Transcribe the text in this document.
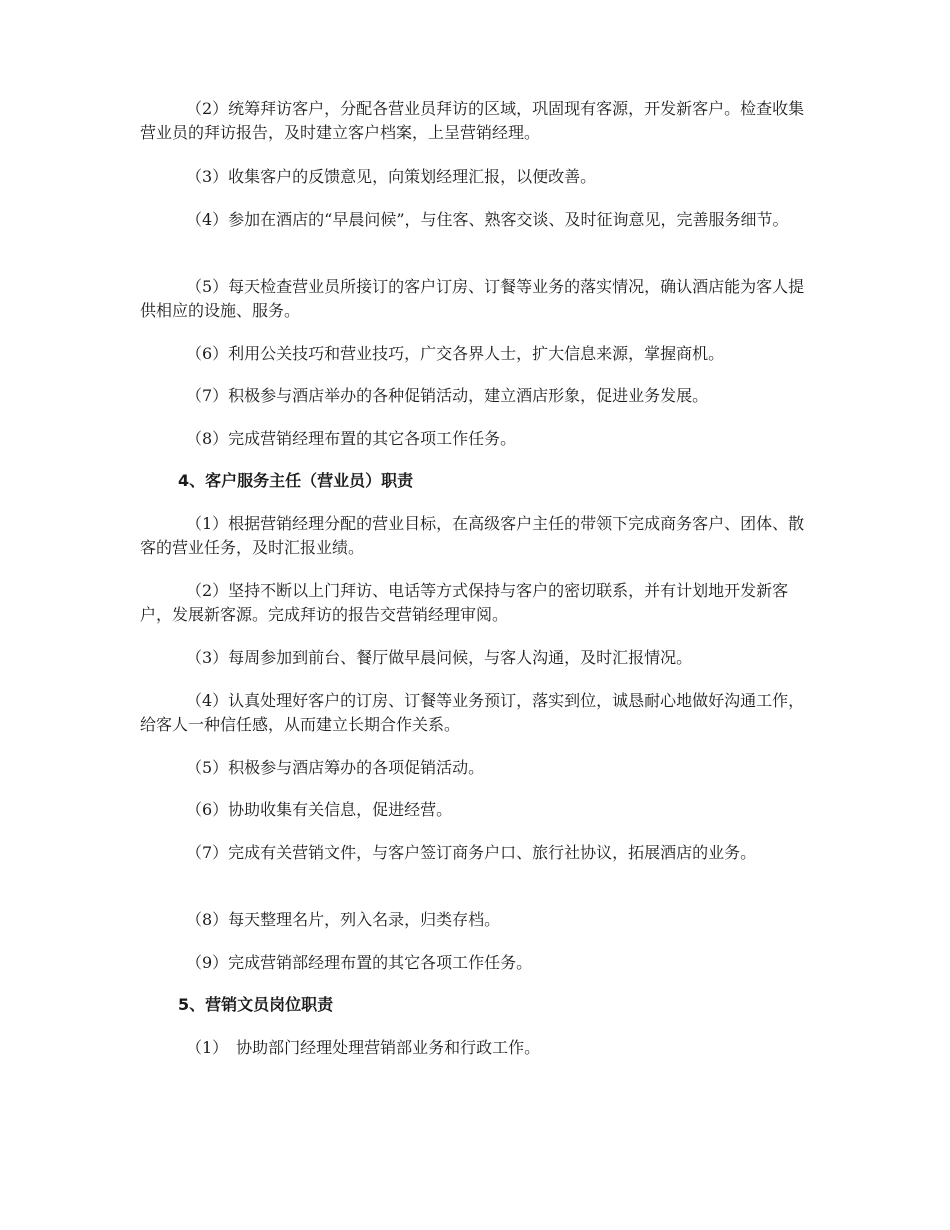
（2）统筹拜访客户，分配各营业员拜访的区域，巩固现有客源，开发新客户。检查收集营业员的拜访报告，及时建立客户档案，上呈营销经理。

（3）收集客户的反馈意见，向策划经理汇报，以便改善。

（4）参加在酒店的“早晨问候”，与住客、熟客交谈、及时征询意见，完善服务细节。

（5）每天检查营业员所接订的客户订房、订餐等业务的落实情况，确认酒店能为客人提供相应的设施、服务。

（6）利用公关技巧和营业技巧，广交各界人士，扩大信息来源，掌握商机。

（7）积极参与酒店举办的各种促销活动，建立酒店形象，促进业务发展。

（8）完成营销经理布置的其它各项工作任务。

4、客户服务主任（营业员）职责

（1）根据营销经理分配的营业目标，在高级客户主任的带领下完成商务客户、团体、散客的营业任务，及时汇报业绩。

（2）坚持不断以上门拜访、电话等方式保持与客户的密切联系，并有计划地开发新客户，发展新客源。完成拜访的报告交营销经理审阅。

（3）每周参加到前台、餐厅做早晨问候，与客人沟通，及时汇报情况。

（4）认真处理好客户的订房、订餐等业务预订，落实到位，诚恳耐心地做好沟通工作，给客人一种信任感，从而建立长期合作关系。

（5）积极参与酒店筹办的各项促销活动。

（6）协助收集有关信息，促进经营。

（7）完成有关营销文件，与客户签订商务户口、旅行社协议，拓展酒店的业务。

（8）每天整理名片，列入名录，归类存档。

（9）完成营销部经理布置的其它各项工作任务。

5、营销文员岗位职责

（1）　协助部门经理处理营销部业务和行政工作。
